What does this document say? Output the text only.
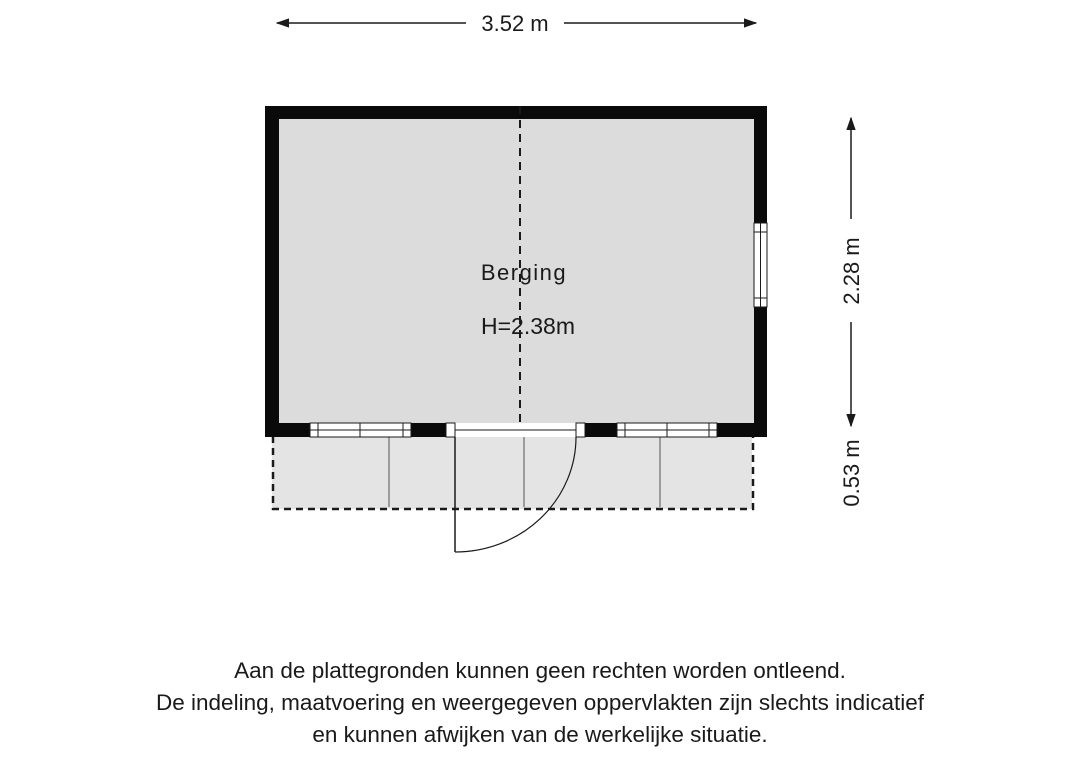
3.52 m
Berging
H=2.38m
2.28 m
0.53 m
Aan de plattegronden kunnen geen rechten worden ontleend.
De indeling, maatvoering en weergegeven oppervlakten zijn slechts indicatief
en kunnen afwijken van de werkelijke situatie.
